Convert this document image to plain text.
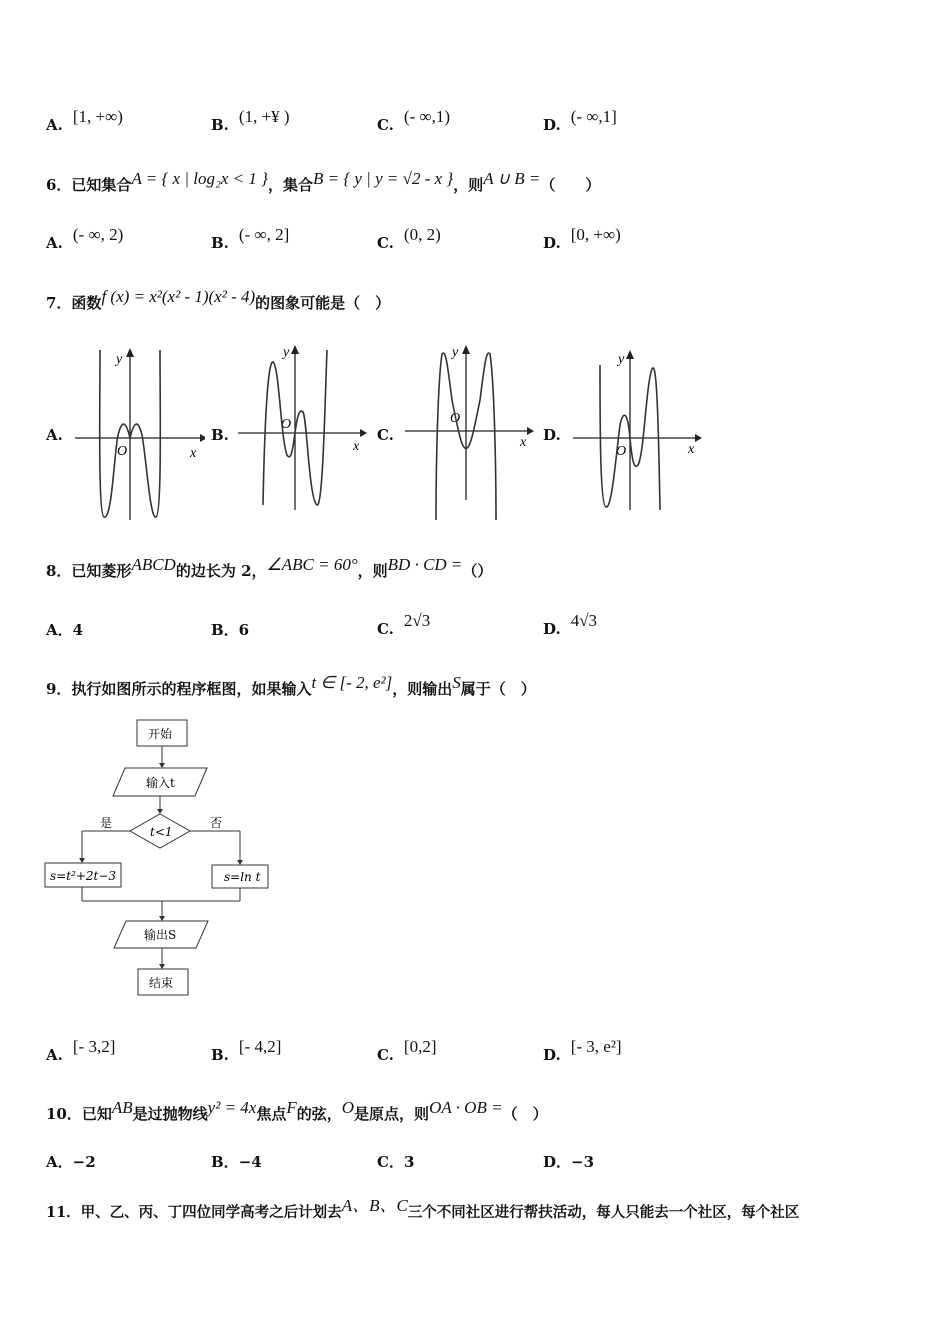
A. [1, +∞)	B. (1, +¥ )	C. (- ∞,1)	D. (- ∞,1]
6．已知集合A = { x | log₂x < 1 }，集合B = { y | y = √2 - x }，则A ∪ B =（　　）
A. (- ∞, 2)	B. (- ∞, 2]	C. (0, 2)	D. [0, +∞)
7．函数f (x) = x²(x² - 1)(x² - 4)的图象可能是（　）
A.	B.	C.	D.
y
x
O
y
x
O
y
x
O
y
x
O
8．已知菱形ABCD的边长为 2，∠ABC = 60°，则BD · CD =（）
A．4	B．6	C. 2√3	D. 4√3
9．执行如图所示的程序框图，如果输入t ∈ [- 2, e²]，则输出S属于（　）
开始
输入t
t<1
是	否
s=t²+2t−3	s=ln t
输出S
结束
A. [- 3,2]	B. [- 4,2]	C. [0,2]	D. [- 3, e²]
10．已知AB是过抛物线y² = 4x焦点F的弦，O是原点，则OA · OB =（　）
A．−2	B．−4	C．3	D．−3
11．甲、乙、丙、丁四位同学高考之后计划去A、B、C三个不同社区进行帮扶活动，每人只能去一个社区，每个社区
